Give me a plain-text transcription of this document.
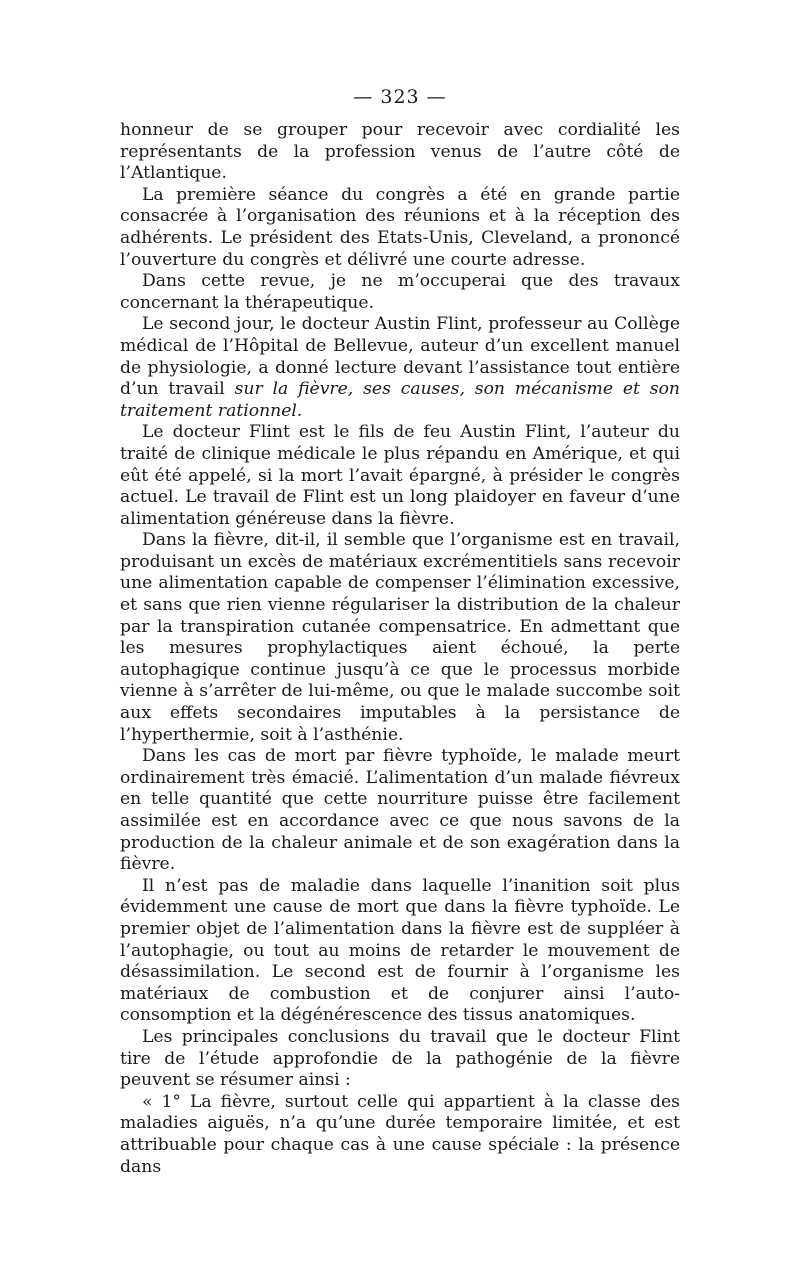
— 323 —

honneur de se grouper pour recevoir avec cordialité les représentants de la profession venus de l’autre côté de l’Atlantique.

La première séance du congrès a été en grande partie consacrée à l’organisation des réunions et à la réception des adhérents. Le président des Etats-Unis, Cleveland, a prononcé l’ouverture du congrès et délivré une courte adresse.

Dans cette revue, je ne m’occuperai que des travaux concernant la thérapeutique.

Le second jour, le docteur Austin Flint, professeur au Collège médical de l’Hôpital de Bellevue, auteur d’un excellent manuel de physiologie, a donné lecture devant l’assistance tout entière d’un travail sur la fièvre, ses causes, son mécanisme et son traitement rationnel.

Le docteur Flint est le fils de feu Austin Flint, l’auteur du traité de clinique médicale le plus répandu en Amérique, et qui eût été appelé, si la mort l’avait épargné, à présider le congrès actuel. Le travail de Flint est un long plaidoyer en faveur d’une alimentation généreuse dans la fièvre.

Dans la fièvre, dit-il, il semble que l’organisme est en travail, produisant un excès de matériaux excrémentitiels sans recevoir une alimentation capable de compenser l’élimination excessive, et sans que rien vienne régulariser la distribution de la chaleur par la transpiration cutanée compensatrice. En admettant que les mesures prophylactiques aient échoué, la perte autophagique continue jusqu’à ce que le processus morbide vienne à s’arrêter de lui-même, ou que le malade succombe soit aux effets secondaires imputables à la persistance de l’hyperthermie, soit à l’asthénie.

Dans les cas de mort par fièvre typhoïde, le malade meurt ordinairement très émacié. L’alimentation d’un malade fiévreux en telle quantité que cette nourriture puisse être facilement assimilée est en accordance avec ce que nous savons de la production de la chaleur animale et de son exagération dans la fièvre.

Il n’est pas de maladie dans laquelle l’inanition soit plus évidemment une cause de mort que dans la fièvre typhoïde. Le premier objet de l’alimentation dans la fièvre est de suppléer à l’autophagie, ou tout au moins de retarder le mouvement de désassimilation. Le second est de fournir à l’organisme les matériaux de combustion et de conjurer ainsi l’auto-consomption et la dégénérescence des tissus anatomiques.

Les principales conclusions du travail que le docteur Flint tire de l’étude approfondie de la pathogénie de la fièvre peuvent se résumer ainsi :

« 1° La fièvre, surtout celle qui appartient à la classe des maladies aiguës, n’a qu’une durée temporaire limitée, et est attribuable pour chaque cas à une cause spéciale : la présence dans
